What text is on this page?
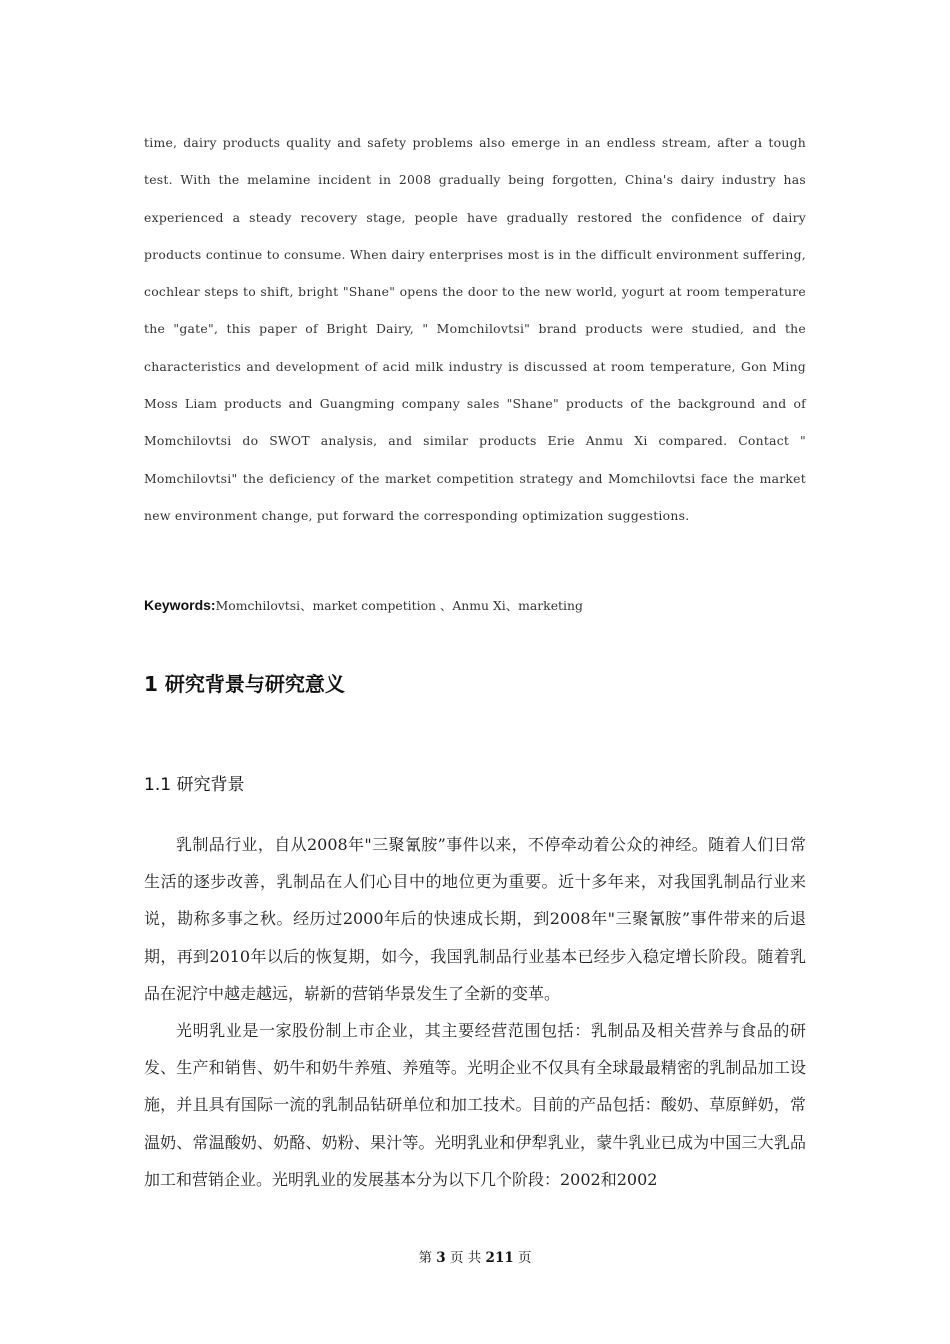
time, dairy products quality and safety problems also emerge in an endless stream, after a tough test. With the melamine incident in 2008 gradually being forgotten, China's dairy industry has experienced a steady recovery stage, people have gradually restored the confidence of dairy products continue to consume. When dairy enterprises most is in the difficult environment suffering, cochlear steps to shift, bright "Shane" opens the door to the new world, yogurt at room temperature the "gate", this paper of Bright Dairy, " Momchilovtsi" brand products were studied, and the characteristics and development of acid milk industry is discussed at room temperature, Gon Ming Moss Liam products and Guangming company sales "Shane" products of the background and of Momchilovtsi do SWOT analysis, and similar products Erie Anmu Xi compared. Contact " Momchilovtsi" the deficiency of the market competition strategy and Momchilovtsi face the market new environment change, put forward the corresponding optimization suggestions.
Keywords:Momchilovtsi、market competition 、Anmu Xi、marketing
1 研究背景与研究意义
1.1 研究背景

乳制品行业，自从2008年"三聚氰胺”事件以来，不停牵动着公众的神经。随着人们日常生活的逐步改善，乳制品在人们心目中的地位更为重要。近十多年来，对我国乳制品行业来说，勘称多事之秋。经历过2000年后的快速成长期，到2008年"三聚氰胺”事件带来的后退期，再到2010年以后的恢复期，如今，我国乳制品行业基本已经步入稳定增长阶段。随着乳品在泥泞中越走越远，崭新的营销华景发生了全新的变革。

光明乳业是一家股份制上市企业，其主要经营范围包括：乳制品及相关营养与食品的研发、生产和销售、奶牛和奶牛养殖、养殖等。光明企业不仅具有全球最最精密的乳制品加工设施，并且具有国际一流的乳制品钻研单位和加工技术。目前的产品包括：酸奶、草原鲜奶，常温奶、常温酸奶、奶酪、奶粉、果汁等。光明乳业和伊犁乳业，蒙牛乳业已成为中国三大乳品加工和营销企业。光明乳业的发展基本分为以下几个阶段：2002和2002

第 3 页 共 211 页
